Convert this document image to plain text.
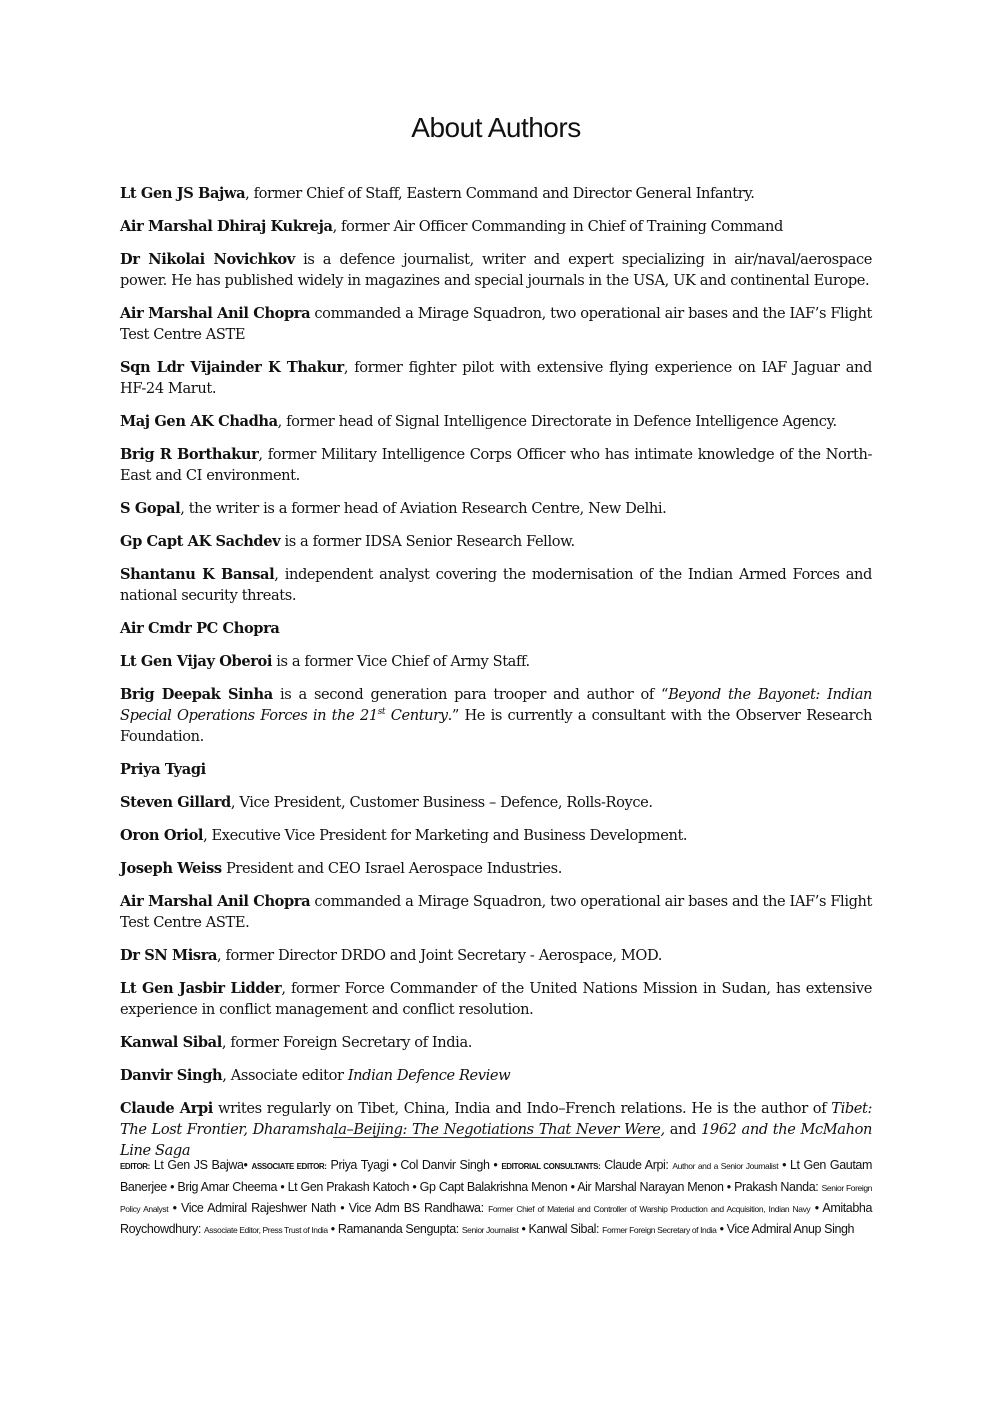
About Authors

Lt Gen JS Bajwa, former Chief of Staff, Eastern Command and Director General Infantry.

Air Marshal Dhiraj Kukreja, former Air Officer Commanding in Chief of Training Command

Dr Nikolai Novichkov is a defence journalist, writer and expert specializing in air/naval/aerospace power. He has published widely in magazines and special journals in the USA, UK and continental Europe.

Air Marshal Anil Chopra commanded a Mirage Squadron, two operational air bases and the IAF’s Flight Test Centre ASTE

Sqn Ldr Vijainder K Thakur, former fighter pilot with extensive flying experience on IAF Jaguar and HF-24 Marut.

Maj Gen AK Chadha, former head of Signal Intelligence Directorate in Defence Intelligence Agency.

Brig R Borthakur, former Military Intelligence Corps Officer who has intimate knowledge of the North-East and CI environment.

S Gopal, the writer is a former head of Aviation Research Centre, New Delhi.

Gp Capt AK Sachdev is a former IDSA Senior Research Fellow.

Shantanu K Bansal, independent analyst covering the modernisation of the Indian Armed Forces and national security threats.

Air Cmdr PC Chopra

Lt Gen Vijay Oberoi is a former Vice Chief of Army Staff.

Brig Deepak Sinha is a second generation para trooper and author of “Beyond the Bayonet: Indian Special Operations Forces in the 21st Century.” He is currently a consultant with the Observer Research Foundation.

Priya Tyagi

Steven Gillard, Vice President, Customer Business – Defence, Rolls-Royce.

Oron Oriol, Executive Vice President for Marketing and Business Development.

Joseph Weiss President and CEO Israel Aerospace Industries.

Air Marshal Anil Chopra commanded a Mirage Squadron, two operational air bases and the IAF’s Flight Test Centre ASTE.

Dr SN Misra, former Director DRDO and Joint Secretary - Aerospace, MOD.

Lt Gen Jasbir Lidder, former Force Commander of the United Nations Mission in Sudan, has extensive experience in conflict management and conflict resolution.

Kanwal Sibal, former Foreign Secretary of India.

Danvir Singh, Associate editor Indian Defence Review

Claude Arpi writes regularly on Tibet, China, India and Indo–French relations. He is the author of Tibet: The Lost Frontier, Dharamshala–Beijing: The Negotiations That Never Were, and 1962 and the McMahon Line Saga

EDITOR: Lt Gen JS Bajwa• ASSOCIATE EDITOR: Priya Tyagi • Col Danvir Singh • EDITORIAL CONSULTANTS: Claude Arpi: Author and a Senior Journalist • Lt Gen Gautam Banerjee • Brig Amar Cheema • Lt Gen Prakash Katoch • Gp Capt Balakrishna Menon • Air Marshal Narayan Menon • Prakash Nanda: Senior Foreign Policy Analyst • Vice Admiral Rajeshwer Nath • Vice Adm BS Randhawa: Former Chief of Material and Controller of Warship Production and Acquisition, Indian Navy • Amitabha Roychowdhury: Associate Editor, Press Trust of India • Ramananda Sengupta: Senior Journalist • Kanwal Sibal: Former Foreign Secretary of India • Vice Admiral Anup Singh
